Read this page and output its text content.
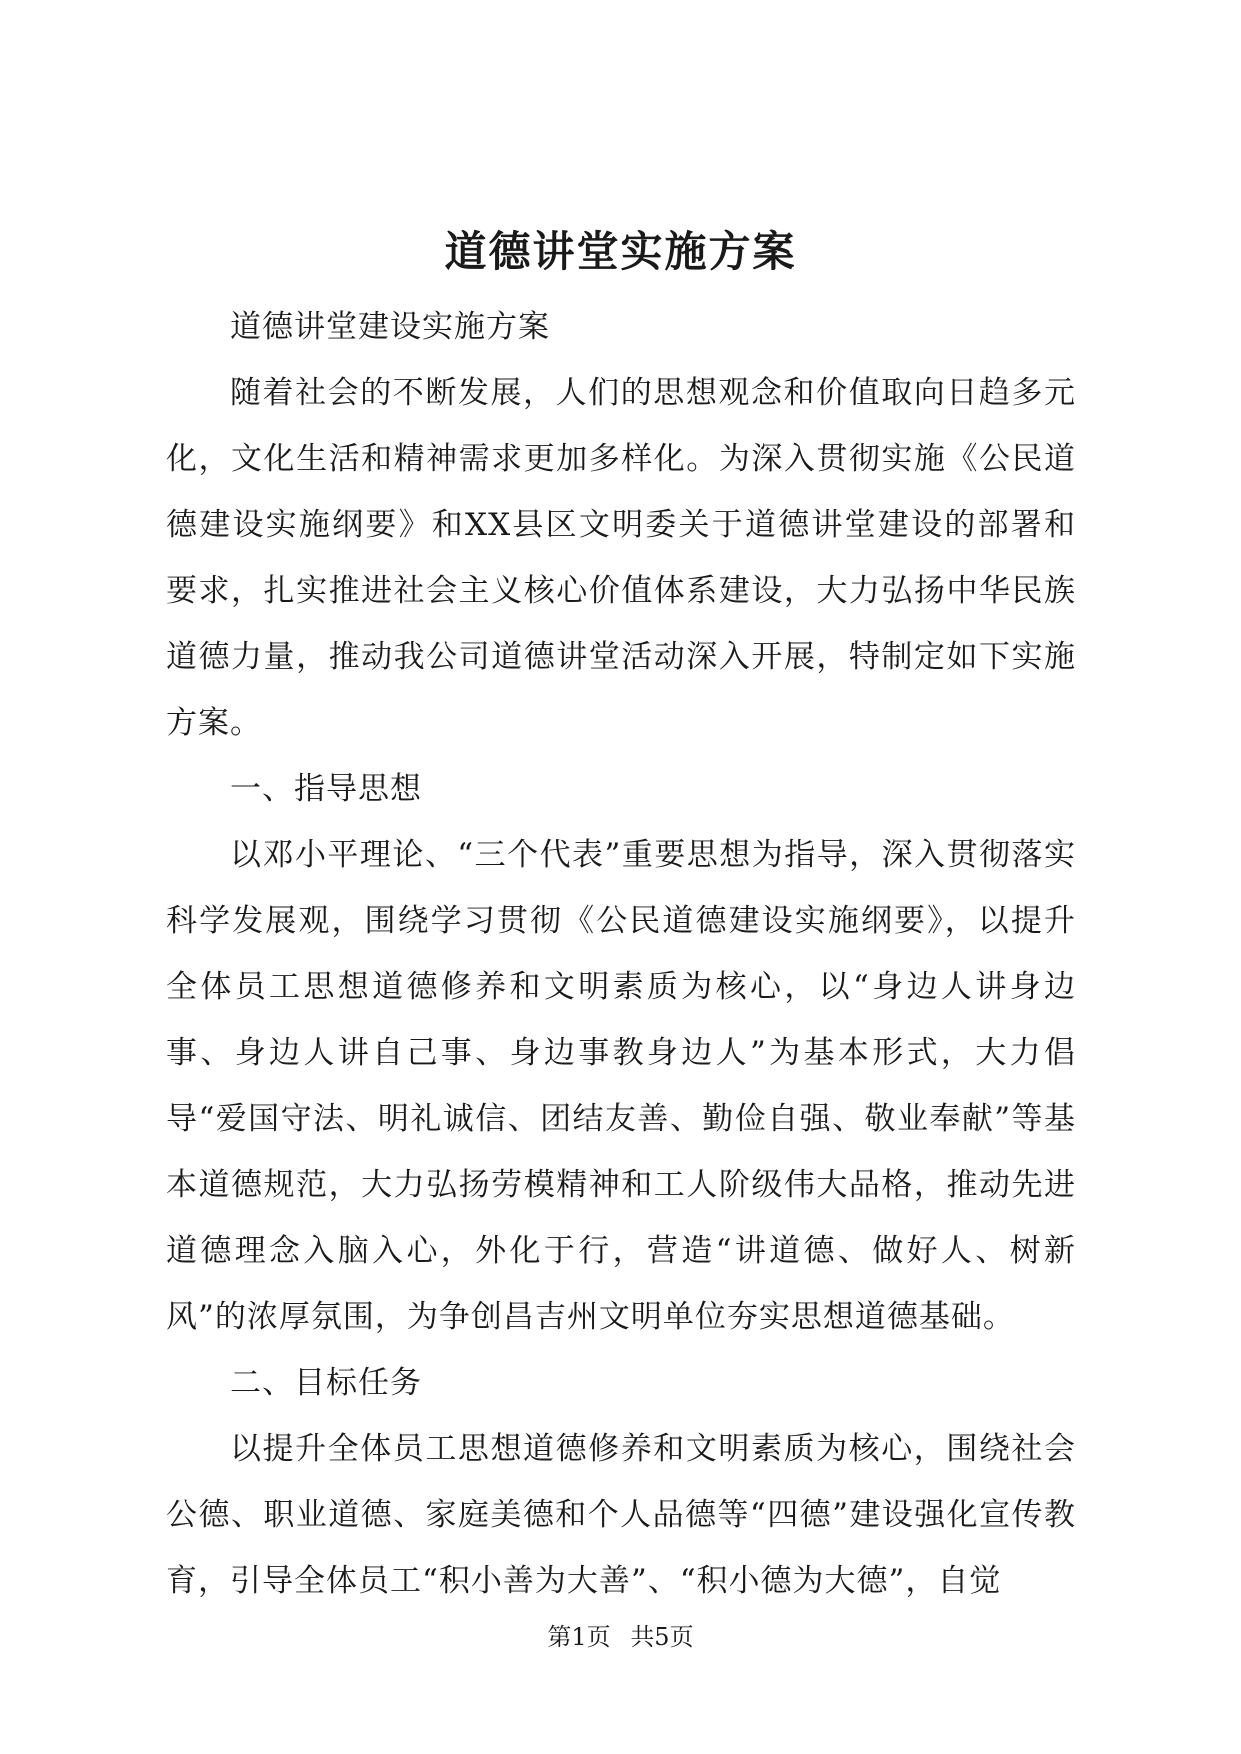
道德讲堂实施方案

道德讲堂建设实施方案

随着社会的不断发展，人们的思想观念和价值取向日趋多元化，文化生活和精神需求更加多样化。为深入贯彻实施《公民道德建设实施纲要》和XX县区文明委关于道德讲堂建设的部署和要求，扎实推进社会主义核心价值体系建设，大力弘扬中华民族道德力量，推动我公司道德讲堂活动深入开展，特制定如下实施方案。

一、指导思想

以邓小平理论、“三个代表”重要思想为指导，深入贯彻落实科学发展观，围绕学习贯彻《公民道德建设实施纲要》，以提升全体员工思想道德修养和文明素质为核心，以“身边人讲身边事、身边人讲自己事、身边事教身边人”为基本形式，大力倡导“爱国守法、明礼诚信、团结友善、勤俭自强、敬业奉献”等基本道德规范，大力弘扬劳模精神和工人阶级伟大品格，推动先进道德理念入脑入心，外化于行，营造“讲道德、做好人、树新风”的浓厚氛围，为争创昌吉州文明单位夯实思想道德基础。

二、目标任务

以提升全体员工思想道德修养和文明素质为核心，围绕社会公德、职业道德、家庭美德和个人品德等“四德”建设强化宣传教育，引导全体员工“积小善为大善”、“积小德为大德”，自觉

第1页 共5页
